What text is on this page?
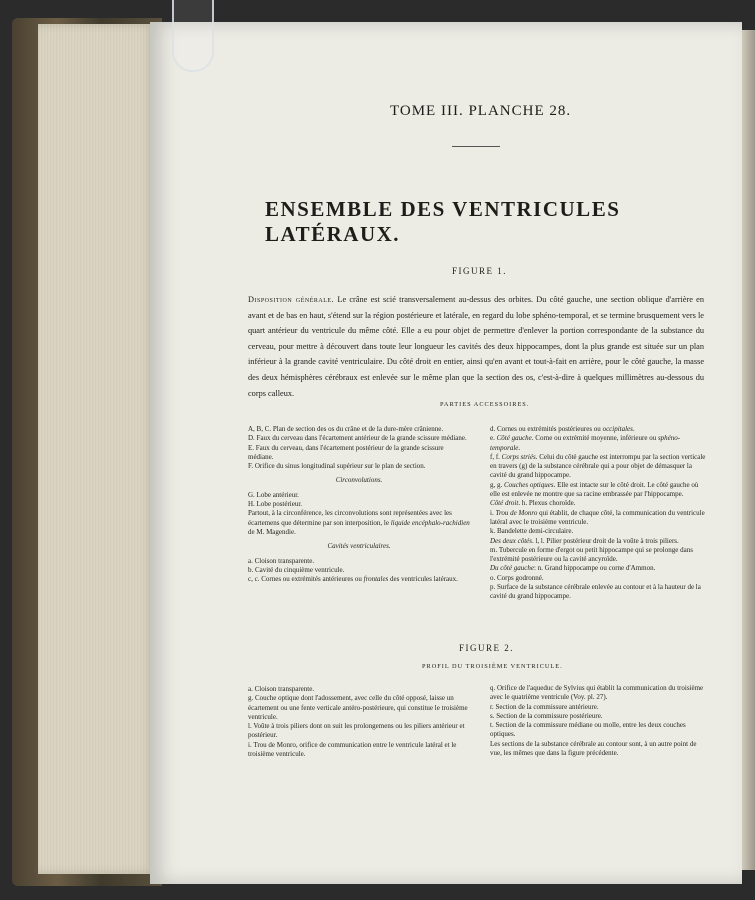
TOME III. PLANCHE 28.
ENSEMBLE DES VENTRICULES LATÉRAUX.
FIGURE 1.
Disposition générale. Le crâne est scié transversalement au-dessus des orbites. Du côté gauche, une section oblique d'arrière en avant et de bas en haut, s'étend sur la région postérieure et latérale, en regard du lobe sphéno-temporal, et se termine brusquement vers le quart antérieur du ventricule du même côté. Elle a eu pour objet de permettre d'enlever la portion correspondante de la substance du cerveau, pour mettre à découvert dans toute leur longueur les cavités des deux hippocampes, dont la plus grande est située sur un plan inférieur à la grande cavité ventriculaire. Du côté droit en entier, ainsi qu'en avant et tout-à-fait en arrière, pour le côté gauche, la masse des deux hémisphères cérébraux est enlevée sur le même plan que la section des os, c'est-à-dire à quelques millimètres au-dessous du corps calleux.
PARTIES ACCESSOIRES.

A, B, C. Plan de section des os du crâne et de la dure-mère crânienne.

D. Faux du cerveau dans l'écartement antérieur de la grande scissure médiane.

E. Faux du cerveau, dans l'écartement postérieur de la grande scissure médiane.

F. Orifice du sinus longitudinal supérieur sur le plan de section.

Circonvolutions.

G. Lobe antérieur.

H. Lobe postérieur.

Partout, à la circonférence, les circonvolutions sont représentées avec les écartemens que détermine par son interposition, le liquide encéphalo-rachidien de M. Magendie.

Cavités ventriculaires.

a. Cloison transparente.

b. Cavité du cinquième ventricule.

c, c. Cornes ou extrémités antérieures ou frontales des ventricules latéraux.

d. Cornes ou extrémités postérieures ou occipitales.

e. Côté gauche. Corne ou extrémité moyenne, inférieure ou sphéno-temporale.

f, f. Corps striés. Celui du côté gauche est interrompu par la section verticale en travers (g) de la substance cérébrale qui a pour objet de démasquer la cavité du grand hippocampe.

g, g. Couches optiques. Elle est intacte sur le côté droit. Le côté gauche où elle est enlevée ne montre que sa racine embrassée par l'hippocampe.

Côté droit. h. Plexus choroïde.

i. Trou de Monro qui établit, de chaque côté, la communication du ventricule latéral avec le troisième ventricule.

k. Bandelette demi-circulaire.

Des deux côtés. l, l. Pilier postérieur droit de la voûte à trois piliers.

m. Tubercule en forme d'ergot ou petit hippocampe qui se prolonge dans l'extrémité postérieure ou la cavité ancyroïde.

Du côté gauche: n. Grand hippocampe ou corne d'Ammon.

o. Corps godronné.

p. Surface de la substance cérébrale enlevée au contour et à la hauteur de la cavité du grand hippocampe.

FIGURE 2.
PROFIL DU TROISIÈME VENTRICULE.

a. Cloison transparente.

g. Couche optique dont l'adossement, avec celle du côté opposé, laisse un écartement ou une fente verticale antéro-postérieure, qui constitue le troisième ventricule.

l. Voûte à trois piliers dont on suit les prolongemens ou les piliers antérieur et postérieur.

i. Trou de Monro, orifice de communication entre le ventricule latéral et le troisième ventricule.

q. Orifice de l'aqueduc de Sylvius qui établit la communication du troisième avec le quatrième ventricule (Voy. pl. 27).

r. Section de la commissure antérieure.

s. Section de la commissure postérieure.

t. Section de la commissure médiane ou molle, entre les deux couches optiques.

Les sections de la substance cérébrale au contour sont, à un autre point de vue, les mêmes que dans la figure précédente.
